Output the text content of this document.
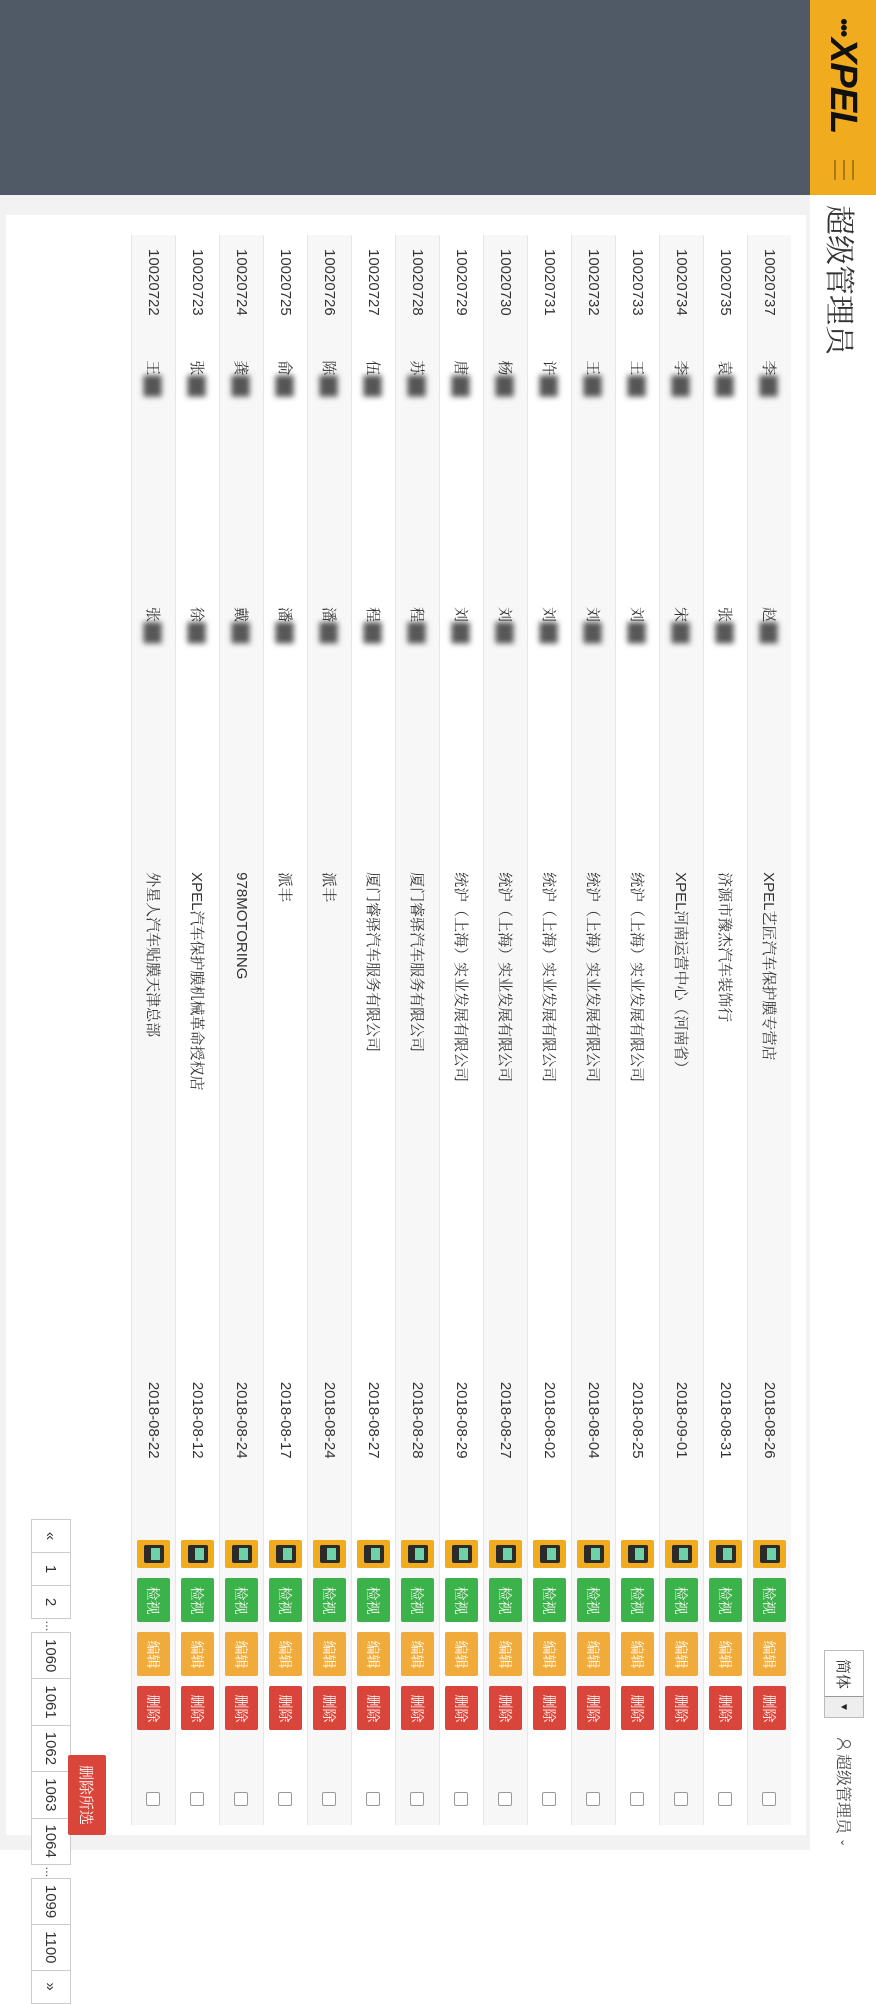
•••
XPEL
超级管理员
简体
▼
超级管理员
⌄
10020737	李██	赵██	XPEL艺匠汽车保护膜专营店	2018-08-26	检视
编辑
删除	

10020735	袁██	张██	济源市豫杰汽车装饰行	2018-08-31	检视
编辑
删除	

10020734	李██	宋██	XPEL河南运营中心（河南省）	2018-09-01	检视
编辑
删除	

10020733	王██	刘██	统沪（上海）实业发展有限公司	2018-08-25	检视
编辑
删除	

10020732	王██	刘██	统沪（上海）实业发展有限公司	2018-08-04	检视
编辑
删除	

10020731	许██	刘██	统沪（上海）实业发展有限公司	2018-08-02	检视
编辑
删除	

10020730	杨██	刘██	统沪（上海）实业发展有限公司	2018-08-27	检视
编辑
删除	

10020729	唐██	刘██	统沪（上海）实业发展有限公司	2018-08-29	检视
编辑
删除	

10020728	苏██	程██	厦门睿驿汽车服务有限公司	2018-08-28	检视
编辑
删除	

10020727	伍██	程██	厦门睿驿汽车服务有限公司	2018-08-27	检视
编辑
删除	

10020726	陈██	潘██	派丰	2018-08-24	检视
编辑
删除	

10020725	俞██	潘██	派丰	2018-08-17	检视
编辑
删除	

10020724	龚██	戴██	978MOTORING	2018-08-24	检视
编辑
删除	

10020723	张██	徐██	XPEL汽车保护膜机械革命授权店	2018-08-12	检视
编辑
删除	

10020722	王██	张██	外星人汽车贴膜天津总部	2018-08-22	检视
编辑
删除	

«
1
2
...
1060
1061
1062
1063
1064
...
1099
1100
»
删除所选
